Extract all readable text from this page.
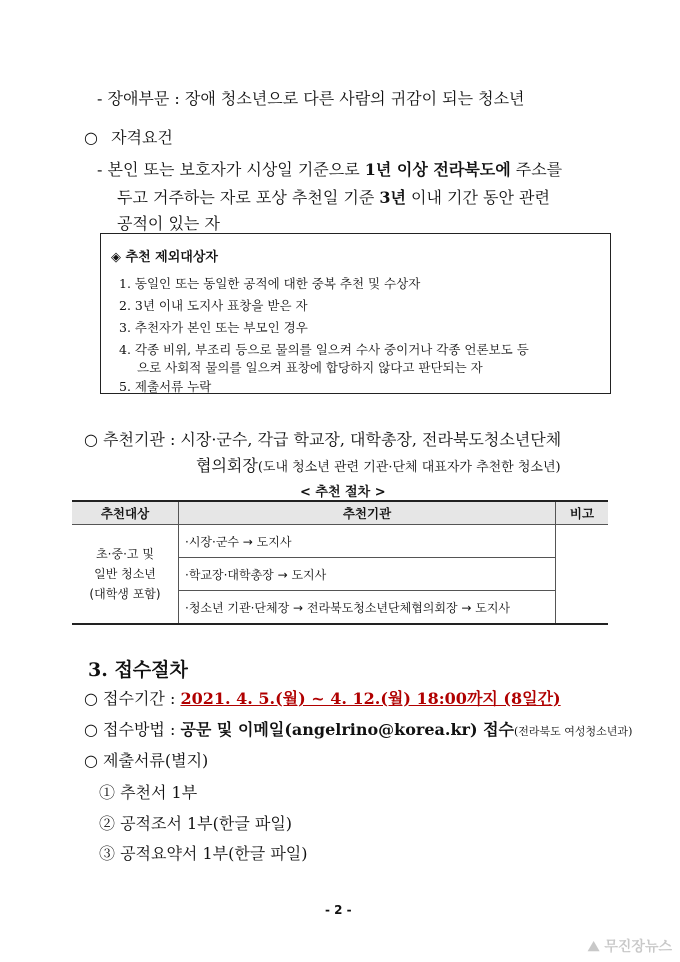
- 장애부문 : 장애 청소년으로 다른 사람의 귀감이 되는 청소년
○ 자격요건
- 본인 또는 보호자가 시상일 기준으로 1년 이상 전라북도에 주소를
두고 거주하는 자로 포상 추천일 기준 3년 이내 기간 동안 관련
공적이 있는 자
◈ 추천 제외대상자
1. 동일인 또는 동일한 공적에 대한 중복 추천 및 수상자
2. 3년 이내 도지사 표창을 받은 자
3. 추천자가 본인 또는 부모인 경우
4. 각종 비위, 부조리 등으로 물의를 일으켜 수사 중이거나 각종 언론보도 등
으로 사회적 물의를 일으켜 표창에 합당하지 않다고 판단되는 자
5. 제출서류 누락
○ 추천기관 : 시장·군수, 각급 학교장, 대학총장, 전라북도청소년단체
협의회장(도내 청소년 관련 기관·단체 대표자가 추천한 청소년)
< 추천 절차 >
추천대상	추천기관	비고

초·중·고 및
일반 청소년
(대학생 포함)	·시장·군수 → 도지사	
	·학교장·대학총장 → 도지사	
	·청소년 기관·단체장 → 전라북도청소년단체협의회장 → 도지사	
3. 접수절차
○ 접수기간 : 2021. 4. 5.(월) ~ 4. 12.(월) 18:00까지 (8일간)
○ 접수방법 : 공문 및 이메일(angelrino@korea.kr) 접수(전라북도 여성청소년과)
○ 제출서류(별지)
① 추천서 1부
② 공적조서 1부(한글 파일)
③ 공적요약서 1부(한글 파일)
- 2 -
⛰ 무진장뉴스
